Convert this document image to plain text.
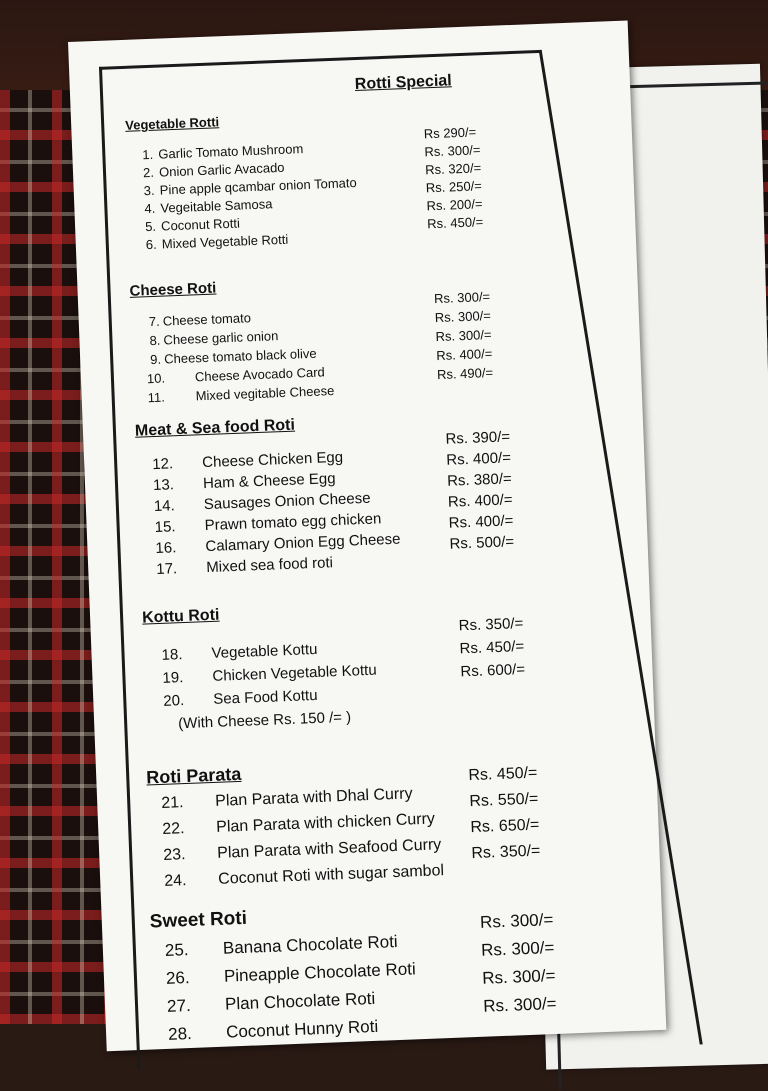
Rotti Special
Vegetable Rotti
1. Garlic Tomato Mushroom
Rs 290/=
2. Onion Garlic Avacado
Rs. 300/=
3. Pine apple qcambar onion Tomato
Rs. 320/=
4. Vegeitable Samosa
Rs. 250/=
5. Coconut Rotti
Rs. 200/=
6. Mixed Vegetable Rotti
Rs. 450/=
Cheese Roti
7. Cheese tomato
Rs. 300/=
8. Cheese garlic onion
Rs. 300/=
9. Cheese tomato black olive
Rs. 300/=
10. Cheese Avocado Card
Rs. 400/=
11. Mixed vegitable Cheese
Rs. 490/=
Meat & Sea food Roti
12. Cheese Chicken Egg
Rs. 390/=
13. Ham & Cheese Egg
Rs. 400/=
14. Sausages Onion Cheese
Rs. 380/=
15. Prawn tomato egg chicken
Rs. 400/=
16. Calamary Onion Egg Cheese
Rs. 400/=
17. Mixed sea food roti
Rs. 500/=
Kottu Roti
18. Vegetable Kottu
Rs. 350/=
19. Chicken Vegetable Kottu
Rs. 450/=
20. Sea Food Kottu
Rs. 600/=
(With Cheese Rs. 150 /= )
Roti Parata
21. Plan Parata with Dhal Curry
Rs. 450/=
22. Plan Parata with chicken Curry
Rs. 550/=
23. Plan Parata with Seafood Curry
Rs. 650/=
24. Coconut Roti with sugar sambol
Rs. 350/=
Sweet Roti
25. Banana Chocolate Roti
Rs. 300/=
26. Pineapple Chocolate Roti
Rs. 300/=
27. Plan Chocolate Roti
Rs. 300/=
28. Coconut Hunny Roti
Rs. 300/=
